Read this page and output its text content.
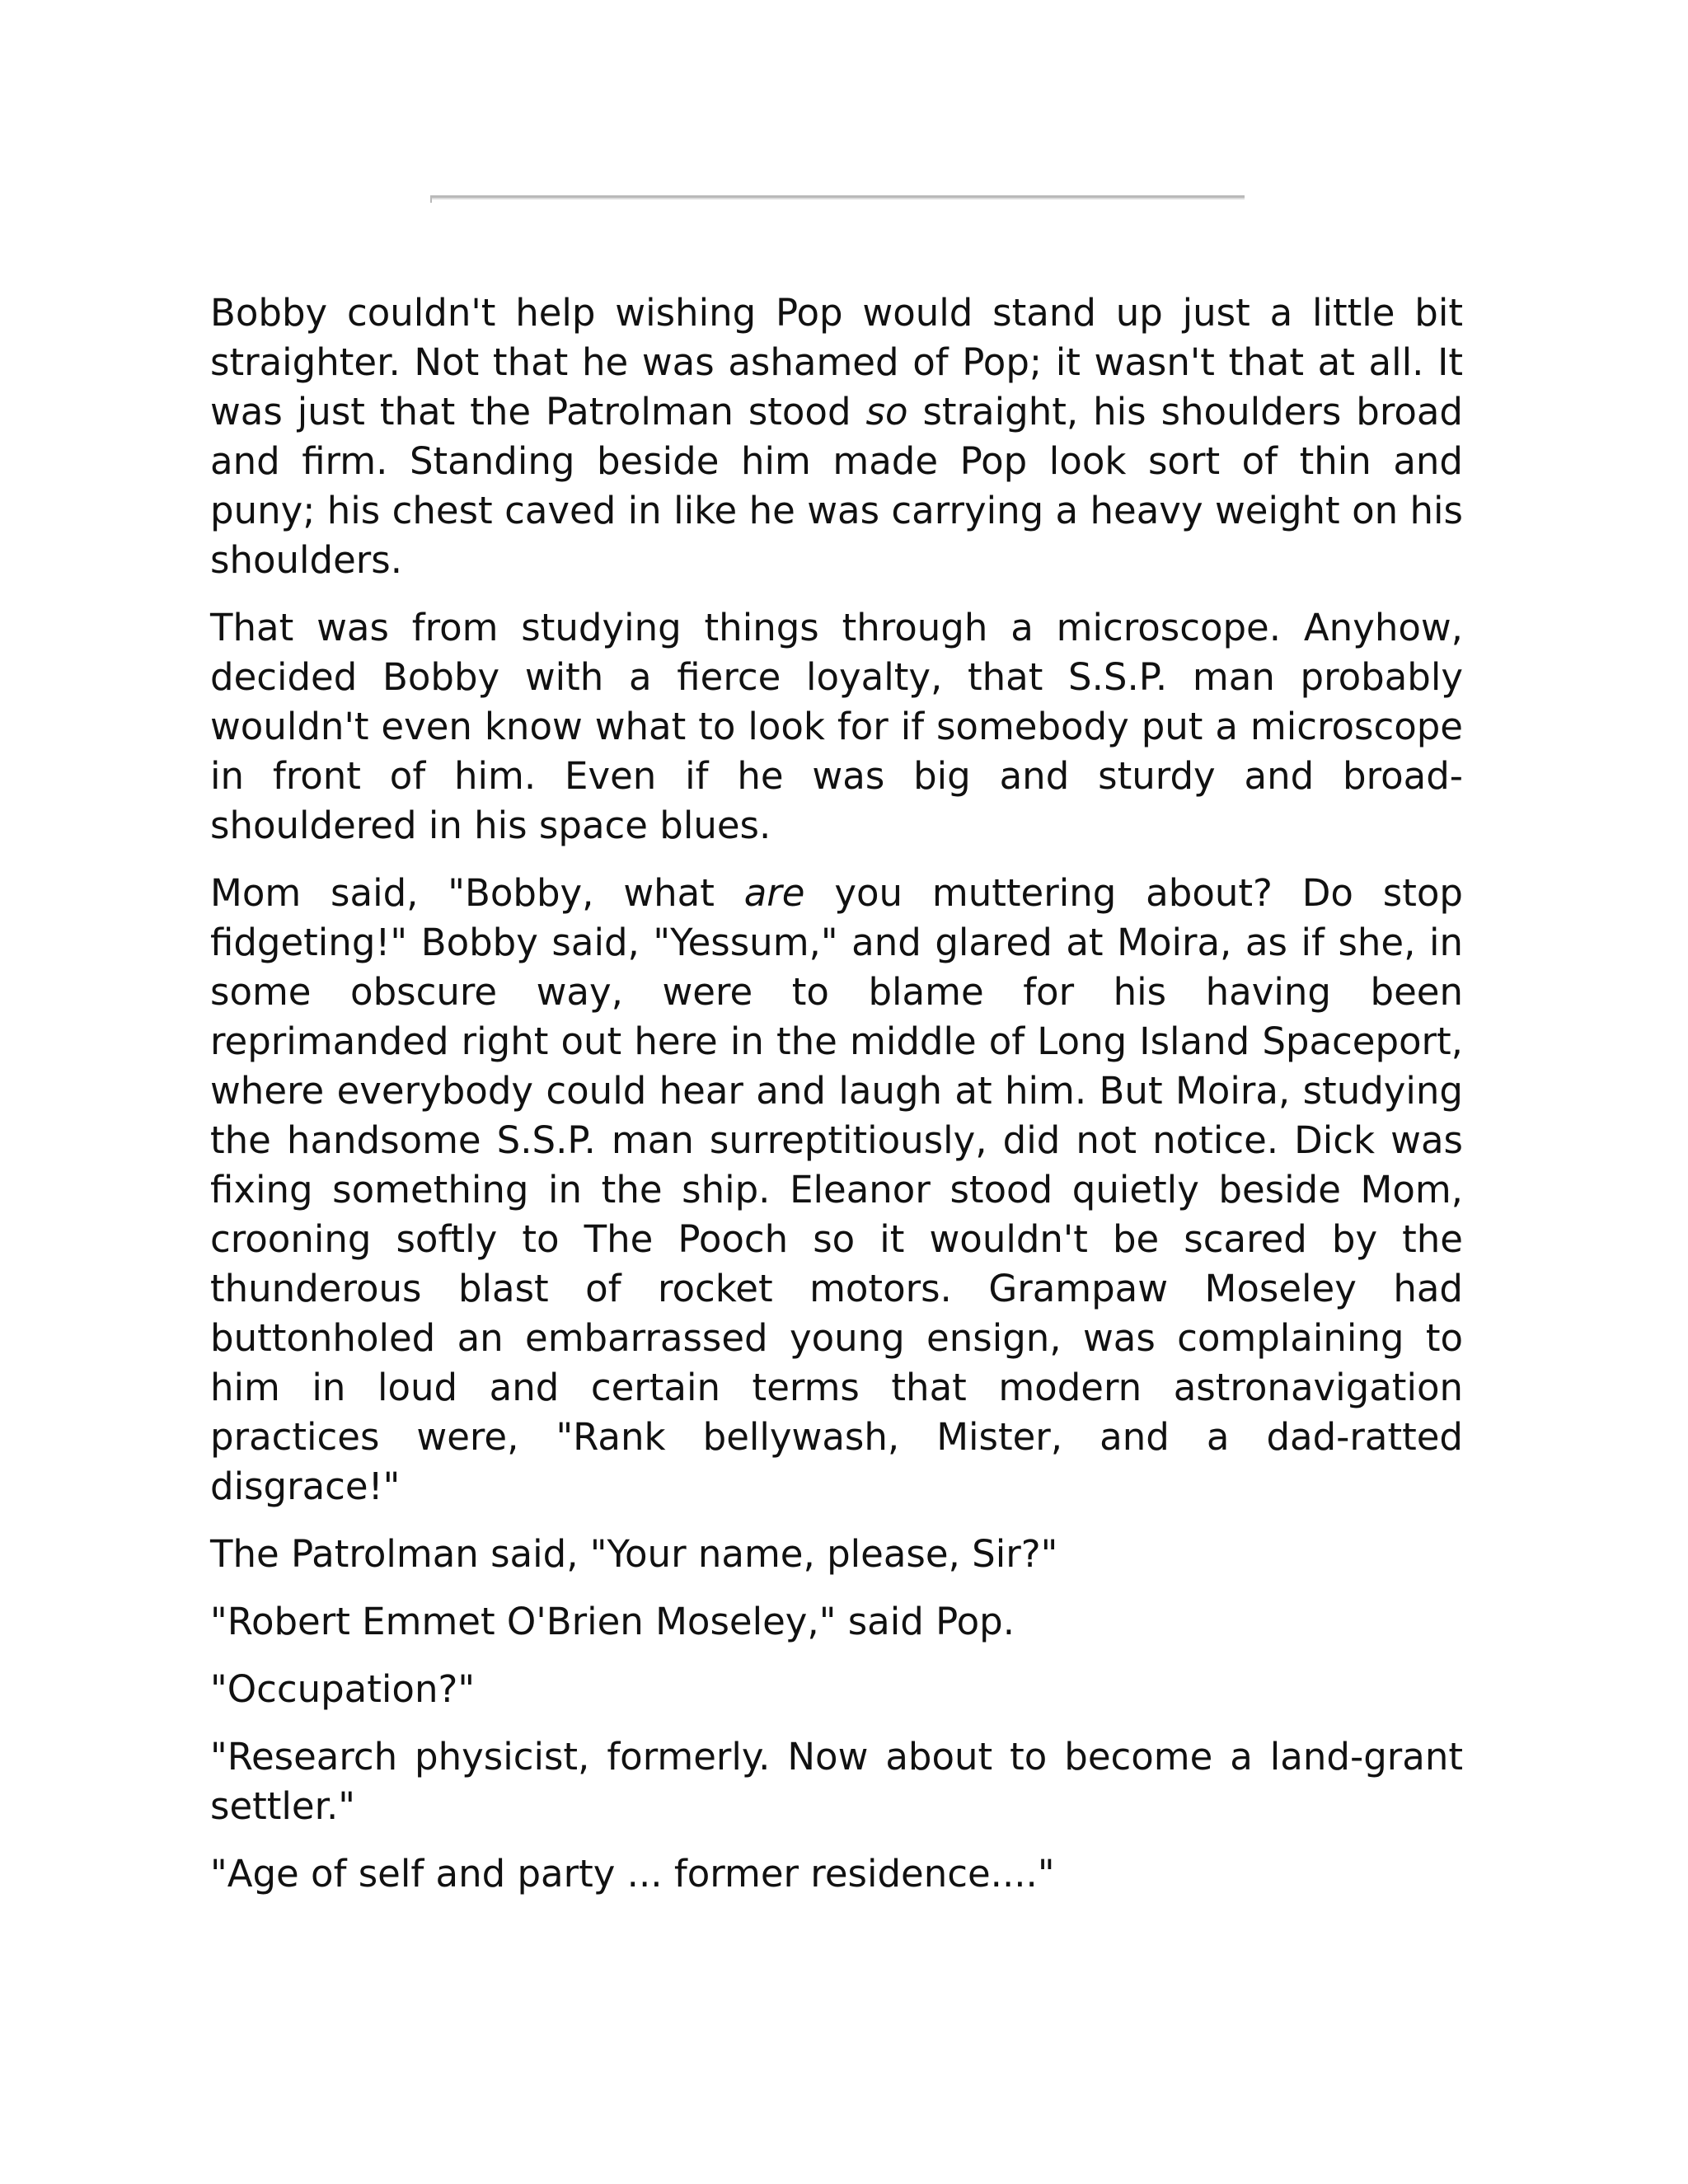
Bobby couldn't help wishing Pop would stand up just a little bit straighter. Not that he was ashamed of Pop; it wasn't that at all. It was just that the Patrolman stood so straight, his shoulders broad and firm. Standing beside him made Pop look sort of thin and puny; his chest caved in like he was carrying a heavy weight on his shoulders.

That was from studying things through a microscope. Anyhow, decided Bobby with a fierce loyalty, that S.S.P. man probably wouldn't even know what to look for if somebody put a microscope in front of him. Even if he was big and sturdy and broad-shouldered in his space blues.

Mom said, "Bobby, what are you muttering about? Do stop fidgeting!" Bobby said, "Yessum," and glared at Moira, as if she, in some obscure way, were to blame for his having been reprimanded right out here in the middle of Long Island Spaceport, where everybody could hear and laugh at him. But Moira, studying the handsome S.S.P. man surreptitiously, did not notice. Dick was fixing something in the ship. Eleanor stood quietly beside Mom, crooning softly to The Pooch so it wouldn't be scared by the thunderous blast of rocket motors. Grampaw Moseley had buttonholed an embarrassed young ensign, was complaining to him in loud and certain terms that modern astronavigation practices were, "Rank bellywash, Mister, and a dad-ratted disgrace!"

The Patrolman said, "Your name, please, Sir?"

"Robert Emmet O'Brien Moseley," said Pop.

"Occupation?"

"Research physicist, formerly. Now about to become a land-grant settler."

"Age of self and party ... former residence...."
